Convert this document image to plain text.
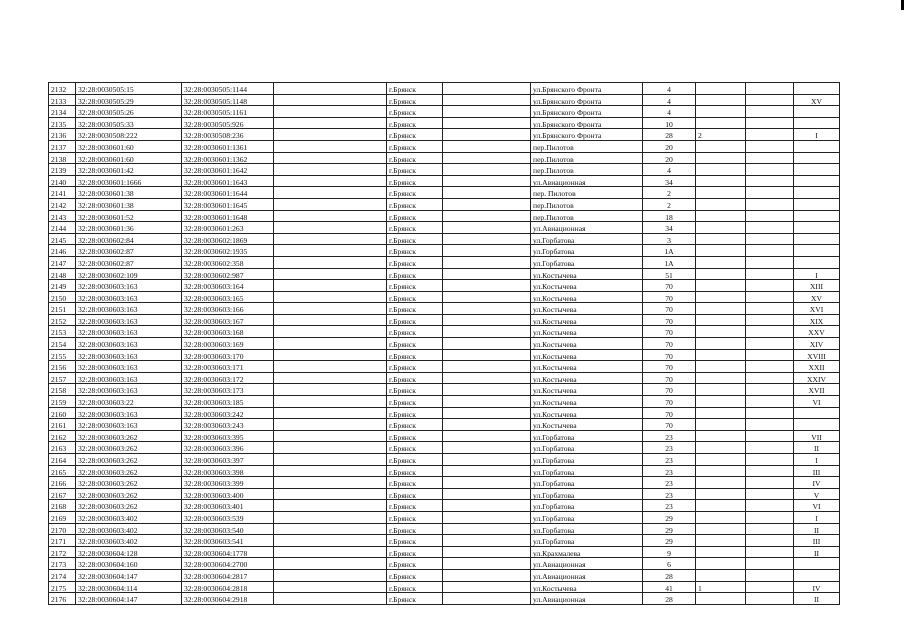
2132	32:28:0030505:15	32:28:0030505:1144		г.Брянск		ул.Брянского Фронта	4			
2133	32:28:0030505:29	32:28:0030505:1148		г.Брянск		ул.Брянского Фронта	4			XV
2134	32:28:0030505:26	32:28:0030505:1161		г.Брянск		ул.Брянского Фронта	4			
2135	32:28:0030505:33	32:28:0030505:926		г.Брянск		ул.Брянского Фронта	10			
2136	32:28:0030508:222	32:28:0030508:236		г.Брянск		ул.Брянского Фронта	28	2		I
2137	32:28:0030601:60	32:28:0030601:1361		г.Брянск		пер.Пилотов	20			
2138	32:28:0030601:60	32:28:0030601:1362		г.Брянск		пер.Пилотов	20			
2139	32:28:0030601:42	32:28:0030601:1642		г.Брянск		пер.Пилотов	4			
2140	32:28:0030601:1666	32:28:0030601:1643		г.Брянск		ул.Авиационная	34			
2141	32:28:0030601:38	32:28:0030601:1644		г.Брянск		пер. Пилотов	2			
2142	32:28:0030601:38	32:28:0030601:1645		г.Брянск		пер.Пилотов	2			
2143	32:28:0030601:52	32:28:0030601:1648		г.Брянск		пер.Пилотов	18			
2144	32:28:0030601:36	32:28:0030601:263		г.Брянск		ул.Авиационная	34			
2145	32:28:0030602:84	32:28:0030602:1869		г.Брянск		ул.Горбатова	3			
2146	32:28:0030602:87	32:28:0030602:1935		г.Брянск		ул.Горбатова	1А			
2147	32:28:0030602:87	32:28:0030602:358		г.Брянск		ул.Горбатова	1А			
2148	32:28:0030602:109	32:28:0030602:987		г.Брянск		ул.Костычева	51			I
2149	32:28:0030603:163	32:28:0030603:164		г.Брянск		ул.Костычева	70			XIII
2150	32:28:0030603:163	32:28:0030603:165		г.Брянск		ул.Костычева	70			XV
2151	32:28:0030603:163	32:28:0030603:166		г.Брянск		ул.Костычева	70			XVI
2152	32:28:0030603:163	32:28:0030603:167		г.Брянск		ул.Костычева	70			XIX
2153	32:28:0030603:163	32:28:0030603:168		г.Брянск		ул.Костычева	70			XXV
2154	32:28:0030603:163	32:28:0030603:169		г.Брянск		ул.Костычева	70			XIV
2155	32:28:0030603:163	32:28:0030603:170		г.Брянск		ул.Костычева	70			XVIII
2156	32:28:0030603:163	32:28:0030603:171		г.Брянск		ул.Костычева	70			XXII
2157	32:28:0030603:163	32:28:0030603:172		г.Брянск		ул.Костычева	70			XXIV
2158	32:28:0030603:163	32:28:0030603:173		г.Брянск		ул.Костычева	70			XVII
2159	32:28:0030603:22	32:28:0030603:185		г.Брянск		ул.Костычева	70			VI
2160	32:28:0030603:163	32:28:0030603:242		г.Брянск		ул.Костычева	70			
2161	32:28:0030603:163	32:28:0030603:243		г.Брянск		ул.Костычева	70			
2162	32:28:0030603:262	32:28:0030603:395		г.Брянск		ул.Горбатова	23			VII
2163	32:28:0030603:262	32:28:0030603:396		г.Брянск		ул.Горбатова	23			II
2164	32:28:0030603:262	32:28:0030603:397		г.Брянск		ул.Горбатова	23			I
2165	32:28:0030603:262	32:28:0030603:398		г.Брянск		ул.Горбатова	23			III
2166	32:28:0030603:262	32:28:0030603:399		г.Брянск		ул.Горбатова	23			IV
2167	32:28:0030603:262	32:28:0030603:400		г.Брянск		ул.Горбатова	23			V
2168	32:28:0030603:262	32:28:0030603:401		г.Брянск		ул.Горбатова	23			VI
2169	32:28:0030603:402	32:28:0030603:539		г.Брянск		ул.Горбатова	29			I
2170	32:28:0030603:402	32:28:0030603:540		г.Брянск		ул.Горбатова	29			II
2171	32:28:0030603:402	32:28:0030603:541		г.Брянск		ул.Горбатова	29			III
2172	32:28:0030604:128	32:28:0030604:1778		г.Брянск		ул.Крахмалева	9			II
2173	32:28:0030604:160	32:28:0030604:2700		г.Брянск		ул.Авиационная	6			
2174	32:28:0030604:147	32:28:0030604:2817		г.Брянск		ул.Авиационная	28			
2175	32:28:0030604:114	32:28:0030604:2818		г.Брянск		ул.Костычева	41	1		IV
2176	32:28:0030604:147	32:28:0030604:2918		г.Брянск		ул.Авиационная	28			II
